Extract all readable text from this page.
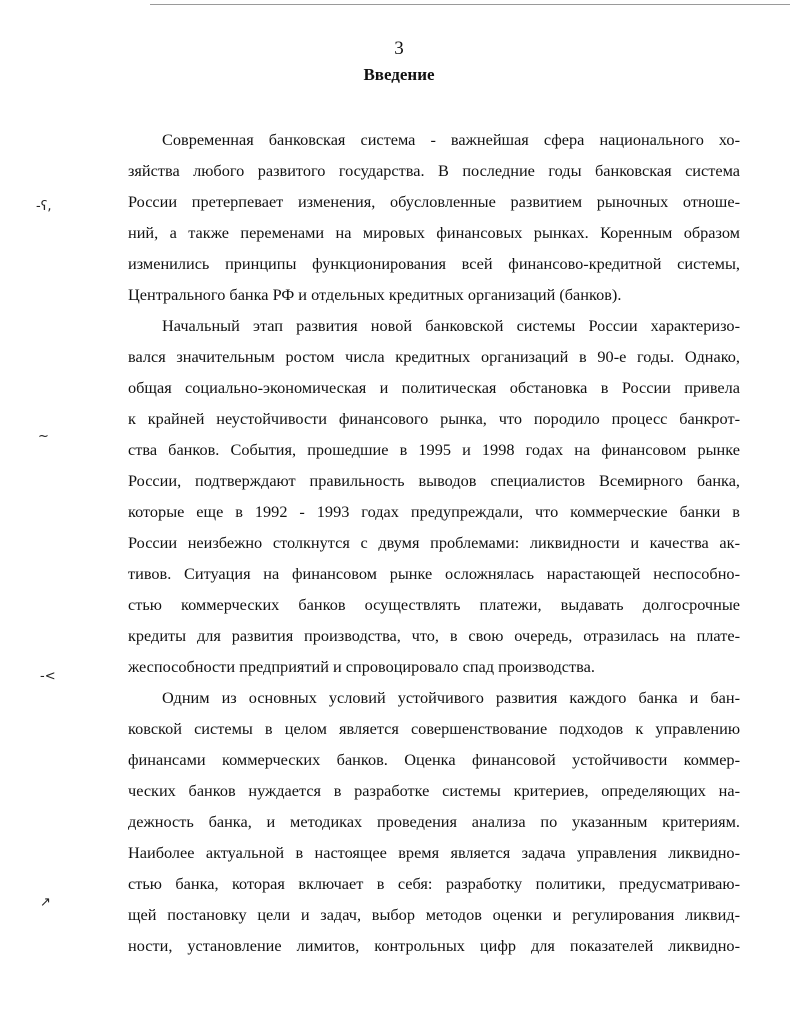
3
Введение
-ʕ,
~
-<
↗
Современная банковская система - важнейшая сфера национального хо-
зяйства любого развитого государства. В последние годы банковская система
России претерпевает изменения, обусловленные развитием рыночных отноше-
ний, а также переменами на мировых финансовых рынках. Коренным образом
изменились принципы функционирования всей финансово-кредитной системы,
Центрального банка РФ и отдельных кредитных организаций (банков).
Начальный этап развития новой банковской системы России характеризо-
вался значительным ростом числа кредитных организаций в 90-е годы. Однако,
общая социально-экономическая и политическая обстановка в России привела
к крайней неустойчивости финансового рынка, что породило процесс банкрот-
ства банков. События, прошедшие в 1995 и 1998 годах на финансовом рынке
России, подтверждают правильность выводов специалистов Всемирного банка,
которые еще в 1992 - 1993 годах предупреждали, что коммерческие банки в
России неизбежно столкнутся с двумя проблемами: ликвидности и качества ак-
тивов. Ситуация на финансовом рынке осложнялась нарастающей неспособно-
стью коммерческих банков осуществлять платежи, выдавать долгосрочные
кредиты для развития производства, что, в свою очередь, отразилась на плате-
жеспособности предприятий и спровоцировало спад производства.
Одним из основных условий устойчивого развития каждого банка и бан-
ковской системы в целом является совершенствование подходов к управлению
финансами коммерческих банков. Оценка финансовой устойчивости коммер-
ческих банков нуждается в разработке системы критериев, определяющих на-
дежность банка, и методиках проведения анализа по указанным критериям.
Наиболее актуальной в настоящее время является задача управления ликвидно-
стью банка, которая включает в себя: разработку политики, предусматриваю-
щей постановку цели и задач, выбор методов оценки и регулирования ликвид-
ности, установление лимитов, контрольных цифр для показателей ликвидно-
